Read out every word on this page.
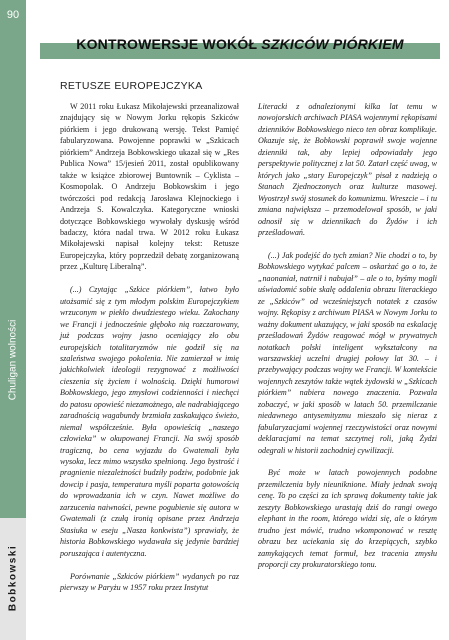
90
Chuligan wolności
Bobkowski
KONTROWERSJE WOKÓŁ SZKICÓW PIÓRKIEM
RETUSZE EUROPEJCZYKA

W 2011 roku Łukasz Mikołajewski przeanalizował znajdujący się w Nowym Jorku rękopis Szkiców piórkiem i jego drukowaną wersję. Tekst Pamięć fabularyzowana. Powojenne poprawki w „Szkicach piórkiem” Andrzeja Bobkowskiego ukazał się w „Res Publica Nowa” 15/jesień 2011, został opublikowany także w książce zbiorowej Buntownik – Cyklista – Kosmopolak. O Andrzeju Bobkowskim i jego twórczości pod redakcją Jarosława Klejnockiego i Andrzeja S. Kowalczyka. Kategoryczne wnioski dotyczące Bobkowskiego wywołały dyskusję wśród badaczy, która nadal trwa. W 2012 roku Łukasz Mikołajewski napisał kolejny tekst: Retusze Europejczyka, który poprzedził debatę zorganizowaną przez „Kulturę Liberalną”.

(...) Czytając „Szkice piórkiem”, łatwo było utożsamić się z tym młodym polskim Europejczykiem wrzuconym w piekło dwudziestego wieku. Zakochany we Francji i jednocześnie głęboko nią rozczarowany, już podczas wojny jasno oceniający zło obu europejskich totalitaryzmów nie godził się na szaleństwa swojego pokolenia. Nie zamierzał w imię jakichkolwiek ideologii rezygnować z możliwości cieszenia się życiem i wolnością. Dzięki humorowi Bobkowskiego, jego zmysłowi codzienności i niechęci do patosu opowieść niezamożnego, ale nadrabiającego zaradnością wagabundy brzmiała zaskakująco świeżo, niemal współcześnie. Była opowieścią „naszego człowieka” w okupowanej Francji. Na swój sposób tragiczną, bo cena wyjazdu do Gwatemali była wysoka, lecz mimo wszystko spełnioną. Jego bystrość i pragnienie niezależności budziły podziw, podobnie jak dowcip i pasja, temperatura myśli poparta gotowością do wprowadzania ich w czyn. Nawet możliwe do zarzucenia naiwności, pewne pogubienie się autora w Gwatemali (z czułą ironią opisane przez Andrzeja Stasiuka w eseju „Nasza konkwista”) sprawiały, że historia Bobkowskiego wydawała się jedynie bardziej poruszająca i autentyczna.

Porównanie „Szkiców piórkiem” wydanych po raz pierwszy w Paryżu w 1957 roku przez Instytut

Literacki z odnalezionymi kilka lat temu w nowojorskich archiwach PIASA wojennymi rękopisami dzienników Bobkowskiego nieco ten obraz komplikuje. Okazuje się, że Bobkowski poprawił swoje wojenne dzienniki tak, aby lepiej odpowiadały jego perspektywie politycznej z lat 50. Zatarł część uwag, w których jako „stary Europejczyk” pisał z nadzieją o Stanach Zjednoczonych oraz kulturze masowej. Wyostrzył swój stosunek do komunizmu. Wreszcie – i tu zmiana największa – przemodelował sposób, w jaki odnosił się w dziennikach do Żydów i ich prześladowań.

(...) Jak podejść do tych zmian? Nie chodzi o to, by Bobkowskiego wytykać palcem – oskarżać go o to, że „naonaniał, natrnił i nabujał” – ale o to, byśmy mogli uświadomić sobie skalę oddalenia obrazu literackiego ze „Szkiców” od wcześniejszych notatek z czasów wojny. Rękopisy z archiwum PIASA w Nowym Jorku to ważny dokument ukazujący, w jaki sposób na eskalację prześladowań Żydów reagować mógł w prywatnych notatkach polski inteligent wykształcony na warszawskiej uczelni drugiej połowy lat 30. – i przebywający podczas wojny we Francji. W kontekście wojennych zeszytów także wątek żydowski w „Szkicach piórkiem” nabiera nowego znaczenia. Pozwala zobaczyć, w jaki sposób w latach 50. przemilczanie niedawnego antysemityzmu mieszało się nieraz z fabularyzacjami wojennej rzeczywistości oraz nowymi deklaracjami na temat szczytnej roli, jaką Żydzi odegrali w historii zachodniej cywilizacji.

Być może w latach powojennych podobne przemilczenia były nieuniknione. Miały jednak swoją cenę. To po części za ich sprawą dokumenty takie jak zeszyty Bobkowskiego urastają dziś do rangi owego elephant in the room, którego widzi się, ale o którym trudno jest mówić, trudno wkomponować w resztę obrazu bez uciekania się do krzepiących, szybko zamykających temat formuł, bez tracenia zmysłu proporcji czy prokuratorskiego tonu.
